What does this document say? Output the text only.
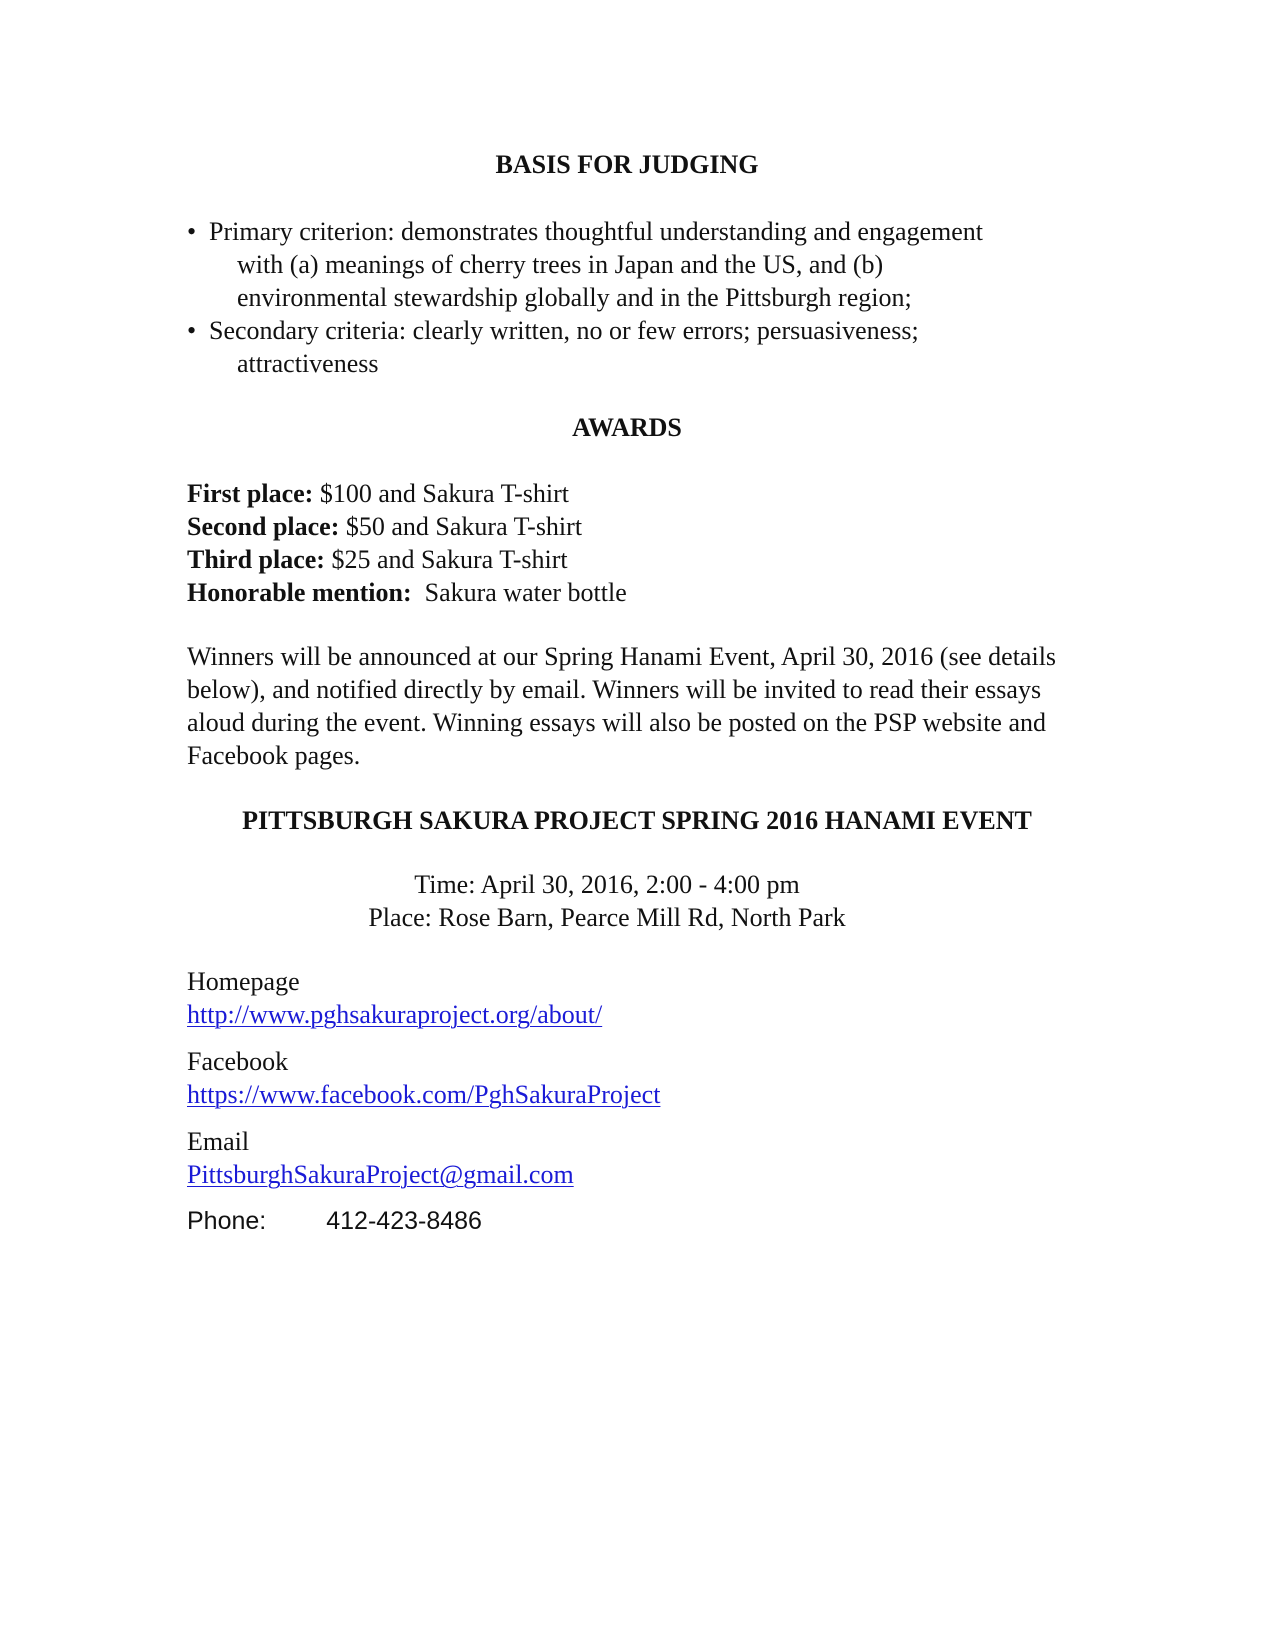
BASIS FOR JUDGING
• Primary criterion: demonstrates thoughtful understanding and engagement
with (a) meanings of cherry trees in Japan and the US, and (b)
environmental stewardship globally and in the Pittsburgh region;
• Secondary criteria: clearly written, no or few errors; persuasiveness;
attractiveness
AWARDS

First place: $100 and Sakura T-shirt

Second place: $50 and Sakura T-shirt

Third place: $25 and Sakura T-shirt

Honorable mention:  Sakura water bottle

Winners will be announced at our Spring Hanami Event, April 30, 2016 (see details below), and notified directly by email. Winners will be invited to read their essays aloud during the event. Winning essays will also be posted on the PSP website and Facebook pages.

PITTSBURGH SAKURA PROJECT SPRING 2016 HANAMI EVENT
Time: April 30, 2016, 2:00 - 4:00 pm
Place: Rose Barn, Pearce Mill Rd, North Park
Homepage
http://www.pghsakuraproject.org/about/
Facebook
https://www.facebook.com/PghSakuraProject
Email
PittsburghSakuraProject@gmail.com
Phone: 412-423-8486
